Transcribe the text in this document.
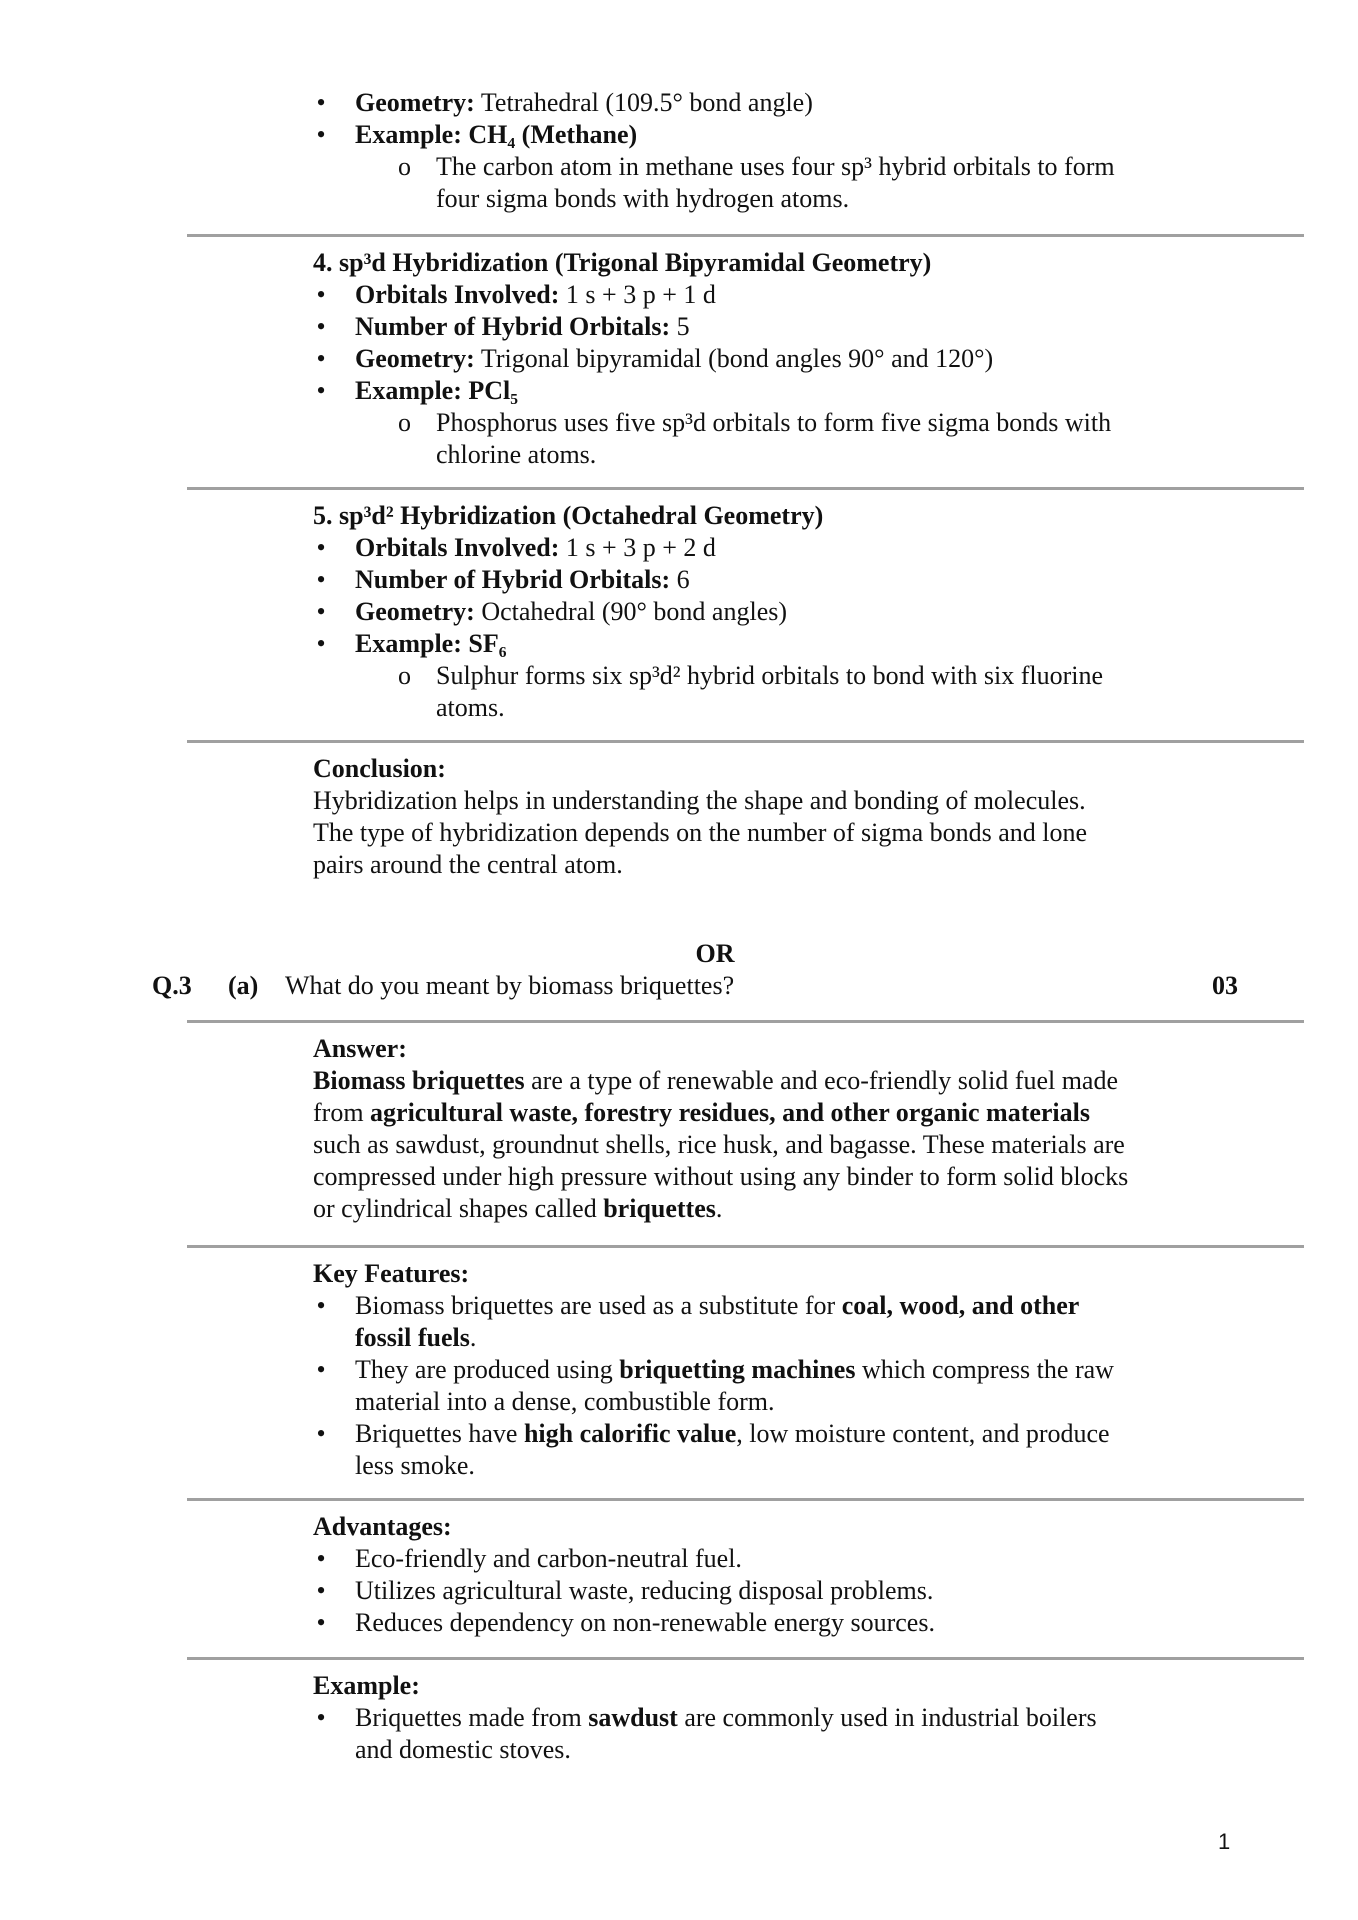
• Geometry: Tetrahedral (109.5° bond angle)
• Example: CH₄ (Methane)
o The carbon atom in methane uses four sp³ hybrid orbitals to form
four sigma bonds with hydrogen atoms.
4. sp³d Hybridization (Trigonal Bipyramidal Geometry)
• Orbitals Involved: 1 s + 3 p + 1 d
• Number of Hybrid Orbitals: 5
• Geometry: Trigonal bipyramidal (bond angles 90° and 120°)
• Example: PCl₅
o Phosphorus uses five sp³d orbitals to form five sigma bonds with
chlorine atoms.
5. sp³d² Hybridization (Octahedral Geometry)
• Orbitals Involved: 1 s + 3 p + 2 d
• Number of Hybrid Orbitals: 6
• Geometry: Octahedral (90° bond angles)
• Example: SF₆
o Sulphur forms six sp³d² hybrid orbitals to bond with six fluorine
atoms.
Conclusion:
Hybridization helps in understanding the shape and bonding of molecules.
The type of hybridization depends on the number of sigma bonds and lone
pairs around the central atom.
OR
Q.3 (a) What do you meant by biomass briquettes?	03
Answer:
Biomass briquettes are a type of renewable and eco-friendly solid fuel made
from agricultural waste, forestry residues, and other organic materials
such as sawdust, groundnut shells, rice husk, and bagasse. These materials are
compressed under high pressure without using any binder to form solid blocks
or cylindrical shapes called briquettes.
Key Features:
• Biomass briquettes are used as a substitute for coal, wood, and other
fossil fuels.
• They are produced using briquetting machines which compress the raw
material into a dense, combustible form.
• Briquettes have high calorific value, low moisture content, and produce
less smoke.
Advantages:
• Eco-friendly and carbon-neutral fuel.
• Utilizes agricultural waste, reducing disposal problems.
• Reduces dependency on non-renewable energy sources.
Example:
• Briquettes made from sawdust are commonly used in industrial boilers
and domestic stoves.
1
